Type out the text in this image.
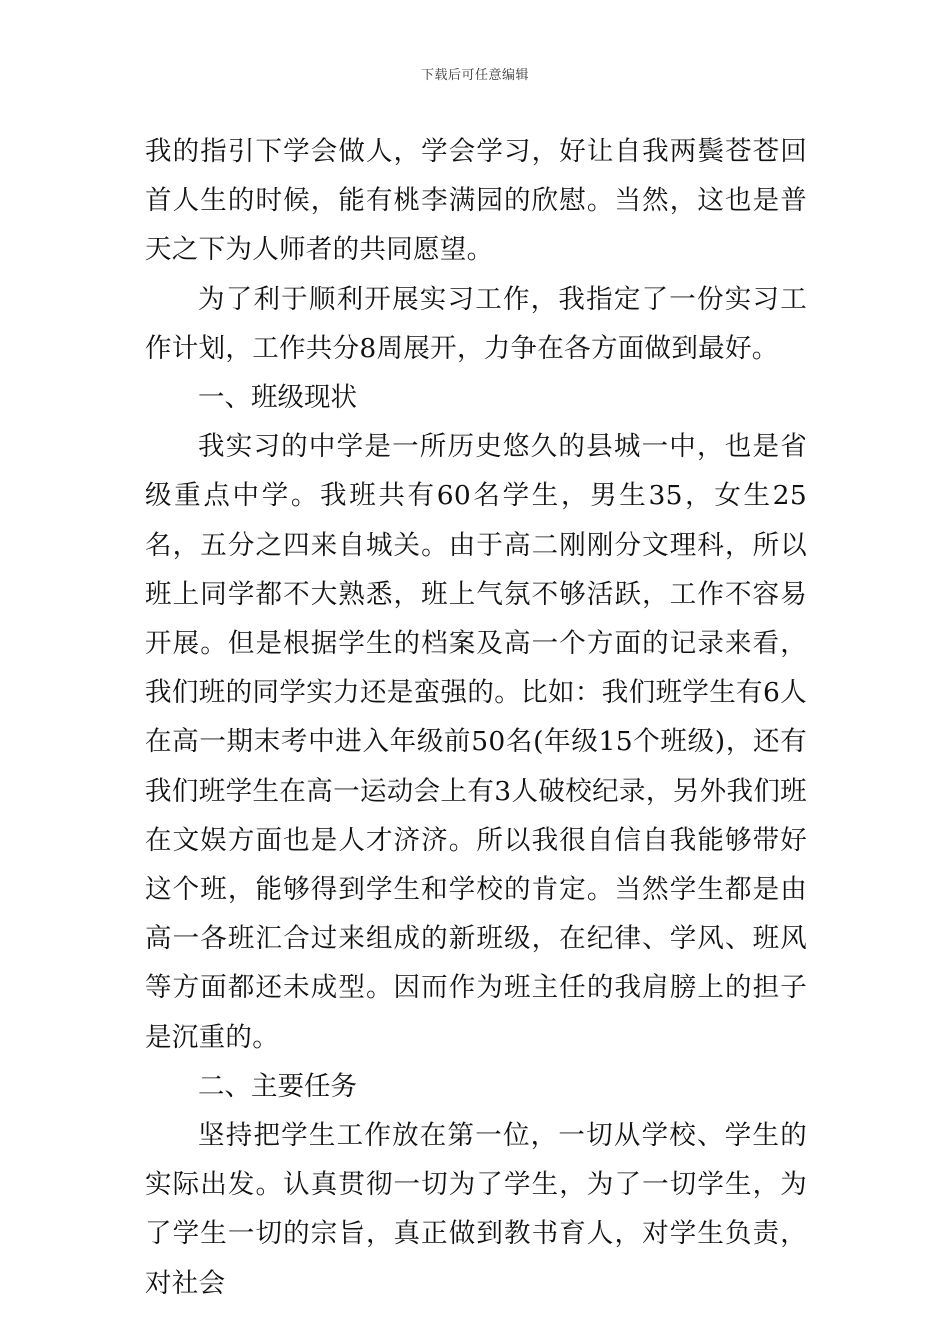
下载后可任意编辑

我的指引下学会做人，学会学习，好让自我两鬓苍苍回首人生的时候，能有桃李满园的欣慰。当然，这也是普天之下为人师者的共同愿望。

为了利于顺利开展实习工作，我指定了一份实习工作计划，工作共分8周展开，力争在各方面做到最好。

一、班级现状

我实习的中学是一所历史悠久的县城一中，也是省级重点中学。我班共有60名学生，男生35，女生25名，五分之四来自城关。由于高二刚刚分文理科，所以班上同学都不大熟悉，班上气氛不够活跃，工作不容易开展。但是根据学生的档案及高一个方面的记录来看，我们班的同学实力还是蛮强的。比如：我们班学生有6人在高一期末考中进入年级前50名(年级15个班级)，还有我们班学生在高一运动会上有3人破校纪录，另外我们班在文娱方面也是人才济济。所以我很自信自我能够带好这个班，能够得到学生和学校的肯定。当然学生都是由高一各班汇合过来组成的新班级，在纪律、学风、班风等方面都还未成型。因而作为班主任的我肩膀上的担子是沉重的。

二、主要任务

坚持把学生工作放在第一位，一切从学校、学生的实际出发。认真贯彻一切为了学生，为了一切学生，为了学生一切的宗旨，真正做到教书育人，对学生负责，对社会
